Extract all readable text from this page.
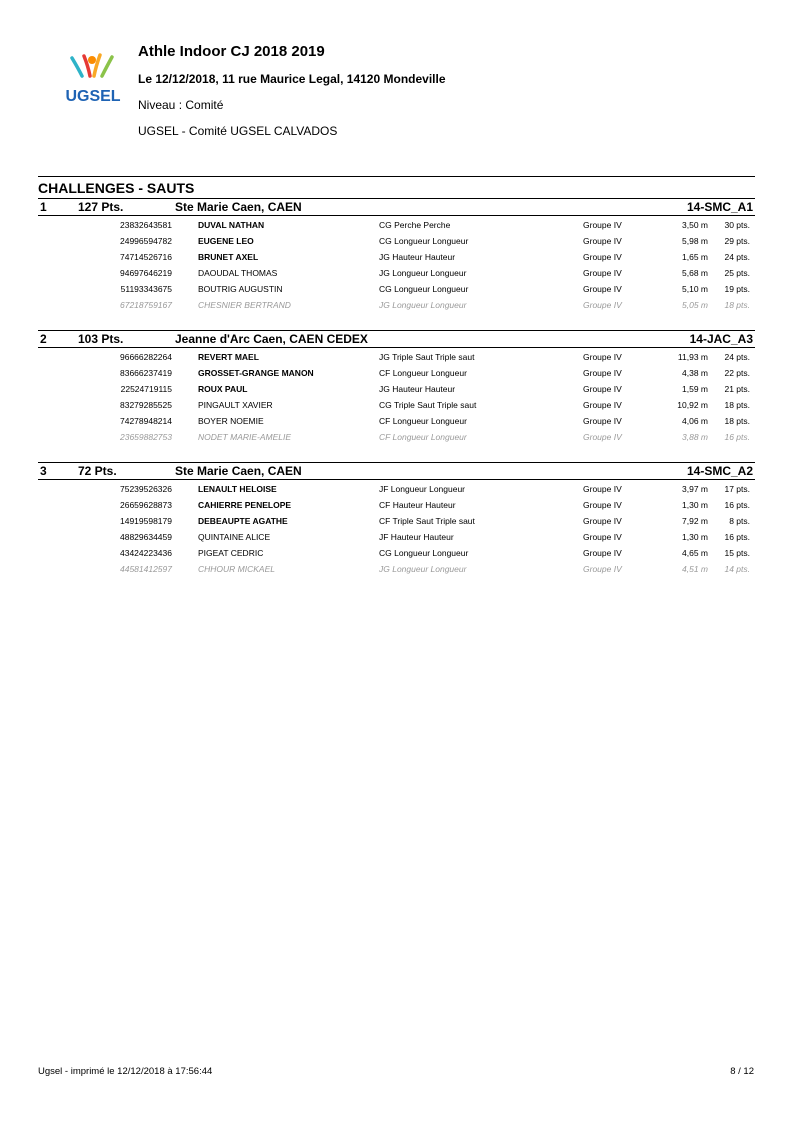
UGSEL
Athle Indoor CJ 2018 2019
Le 12/12/2018, 11 rue Maurice Legal, 14120 Mondeville
Niveau : Comité
UGSEL - Comité UGSEL CALVADOS
CHALLENGES - SAUTS
1	127 Pts.	Ste Marie Caen, CAEN	14-SMC_A1
23832643581	DUVAL NATHAN	CG Perche Perche	Groupe IV	3,50 m 30 pts.
24996594782	EUGENE LEO	CG Longueur Longueur	Groupe IV	5,98 m 29 pts.
74714526716	BRUNET AXEL	JG Hauteur Hauteur	Groupe IV	1,65 m 24 pts.
94697646219	DAOUDAL THOMAS	JG Longueur Longueur	Groupe IV	5,68 m 25 pts.
51193343675	BOUTRIG AUGUSTIN	CG Longueur Longueur	Groupe IV	5,10 m 19 pts.
67218759167	CHESNIER BERTRAND	JG Longueur Longueur	Groupe IV	5,05 m 18 pts.
2	103 Pts.	Jeanne d'Arc Caen, CAEN CEDEX	14-JAC_A3
96666282264	REVERT MAEL	JG Triple Saut Triple saut	Groupe IV	11,93 m 24 pts.
83666237419	GROSSET-GRANGE MANON	CF Longueur Longueur	Groupe IV	4,38 m 22 pts.
22524719115	ROUX PAUL	JG Hauteur Hauteur	Groupe IV	1,59 m 21 pts.
83279285525	PINGAULT XAVIER	CG Triple Saut Triple saut	Groupe IV	10,92 m 18 pts.
74278948214	BOYER NOEMIE	CF Longueur Longueur	Groupe IV	4,06 m 18 pts.
23659882753	NODET MARIE-AMELIE	CF Longueur Longueur	Groupe IV	3,88 m 16 pts.
3	72 Pts.	Ste Marie Caen, CAEN	14-SMC_A2
75239526326	LENAULT HELOISE	JF Longueur Longueur	Groupe IV	3,97 m 17 pts.
26659628873	CAHIERRE PENELOPE	CF Hauteur Hauteur	Groupe IV	1,30 m 16 pts.
14919598179	DEBEAUPTE AGATHE	CF Triple Saut Triple saut	Groupe IV	7,92 m 8 pts.
48829634459	QUINTAINE ALICE	JF Hauteur Hauteur	Groupe IV	1,30 m 16 pts.
43424223436	PIGEAT CEDRIC	CG Longueur Longueur	Groupe IV	4,65 m 15 pts.
44581412597	CHHOUR MICKAEL	JG Longueur Longueur	Groupe IV	4,51 m 14 pts.
Ugsel - imprimé le 12/12/2018 à 17:56:44	8 / 12
